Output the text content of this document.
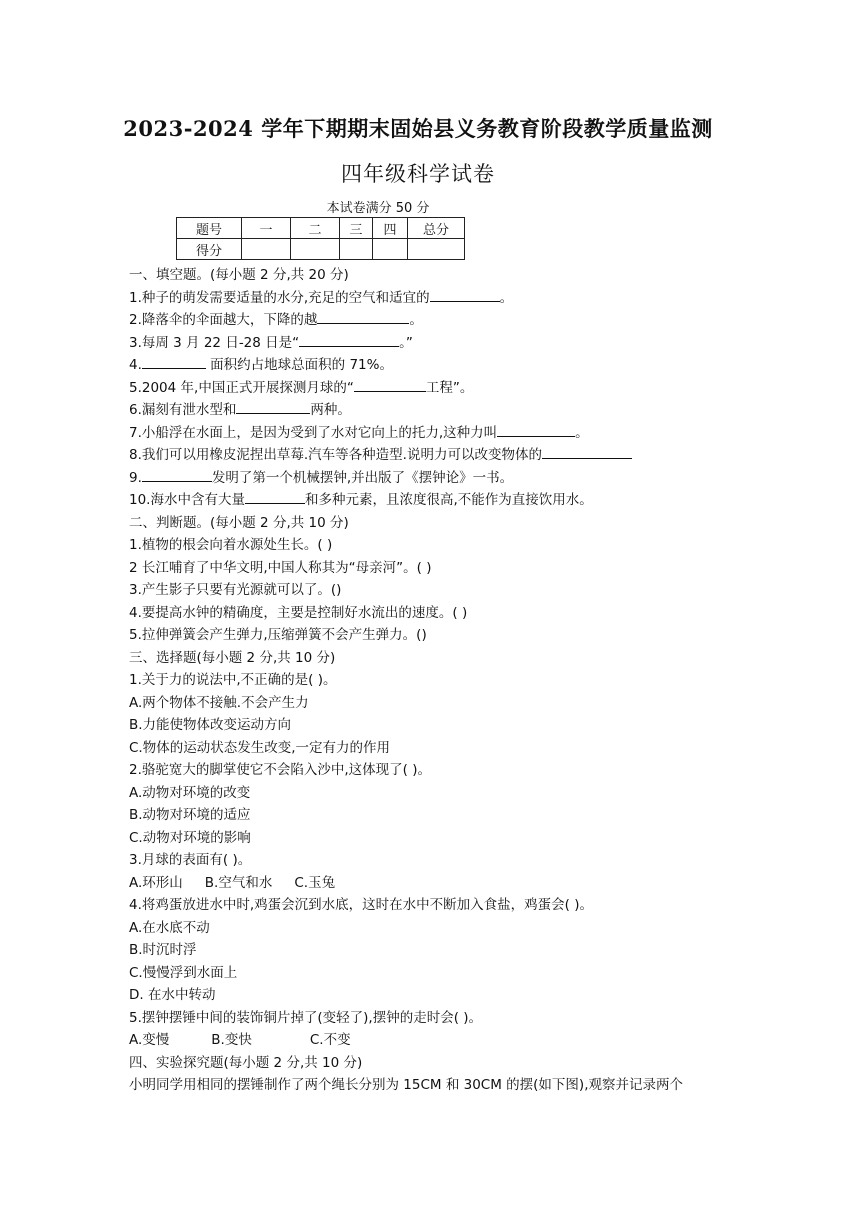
2023-2024 学年下期期末固始县义务教育阶段教学质量监测
四年级科学试卷
本试卷满分 50 分
题号	一	二	三	四	总分
得分					
一、填空题。(每小题 2 分,共 20 分)
1.种子的萌发需要适量的水分,充足的空气和适宜的	。
2.降落伞的伞面越大，下降的越	。
3.每周 3 月 22 日-28 日是“	。”
4.	面积约占地球总面积的 71%。
5.2004 年,中国正式开展探测月球的“	工程”。
6.漏刻有泄水型和	两种。
7.小船浮在水面上，是因为受到了水对它向上的托力,这种力叫	。
8.我们可以用橡皮泥捏出草莓.汽车等各种造型.说明力可以改变物体的
9.	发明了第一个机械摆钟,并出版了《摆钟论》一书。
10.海水中含有大量	和多种元素，且浓度很高,不能作为直接饮用水。
二、判断题。(每小题 2 分,共 10 分)
1.植物的根会向着水源处生长。( )
2 长江哺育了中华文明,中国人称其为“母亲河”。( )
3.产生影子只要有光源就可以了。()
4.要提高水钟的精确度，主要是控制好水流出的速度。( )
5.拉伸弹簧会产生弹力,压缩弹簧不会产生弹力。()
三、选择题(每小题 2 分,共 10 分)
1.关于力的说法中,不正确的是( )。
A.两个物体不接触.不会产生力
B.力能使物体改变运动方向
C.物体的运动状态发生改变,一定有力的作用
2.骆驼宽大的脚掌使它不会陷入沙中,这体现了( )。
A.动物对环境的改变
B.动物对环境的适应
C.动物对环境的影响
3.月球的表面有( )。
A.环形山 B.空气和水 C.玉兔
4.将鸡蛋放进水中时,鸡蛋会沉到水底，这时在水中不断加入食盐，鸡蛋会( )。
A.在水底不动
B.时沉时浮
C.慢慢浮到水面上
D. 在水中转动
5.摆钟摆锤中间的装饰铜片掉了(变轻了),摆钟的走时会( )。
A.变慢	B.变快	C.不变
四、实验探究题(每小题 2 分,共 10 分)
小明同学用相同的摆锤制作了两个绳长分别为 15CM 和 30CM 的摆(如下图),观察并记录两个
